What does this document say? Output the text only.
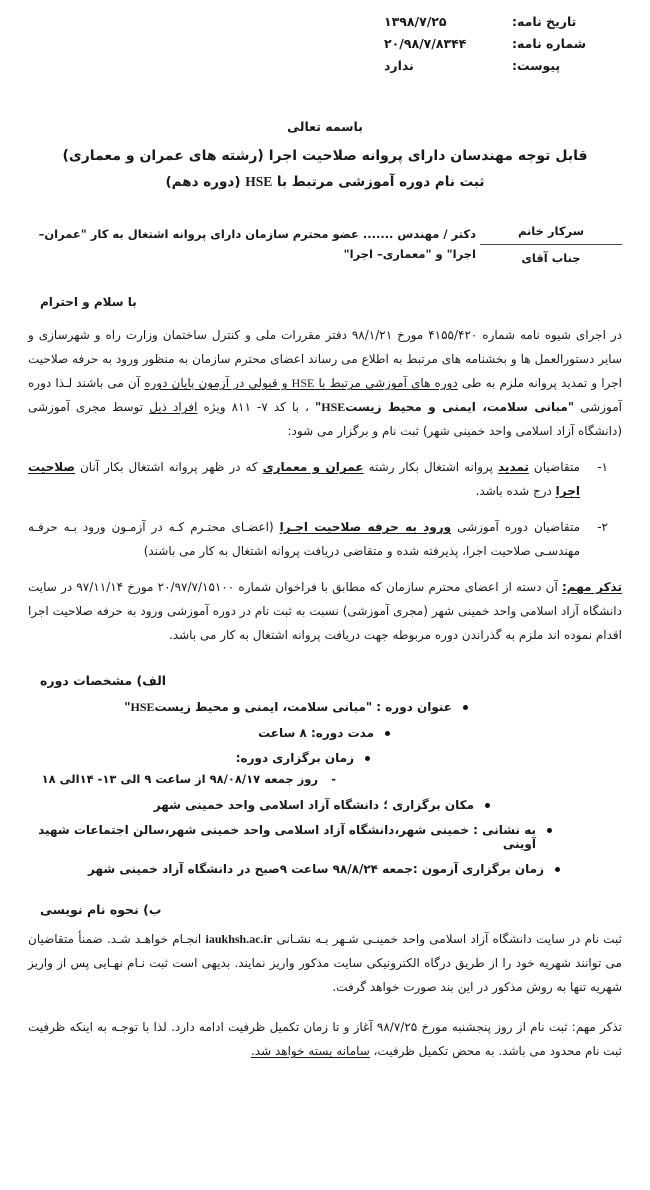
تاریخ نامه:
۱۳۹۸/۷/۲۵
شماره نامه:
۲۰/۹۸/۷/۸۳۴۴
پیوست:
ندارد
باسمه تعالی
قابل توجه مهندسان دارای پروانه صلاحیت اجرا (رشته های عمران و معماری)
ثبت نام دوره آموزشی مرتبط با HSE (دوره دهم)
سرکار خانم
جناب آقای
دکتر / مهندس ....... عضو محترم سازمان دارای پروانه اشتغال به کار "عمران– اجرا" و "معماری– اجرا"
با سلام و احترام
در اجرای شیوه نامه شماره ۴۱۵۵/۴۲۰ مورخ ۹۸/۱/۲۱ دفتر مقررات ملی و کنترل ساختمان وزارت راه و شهرسازی و سایر دستورالعمل ها و بخشنامه های مرتبط به اطلاع می رساند اعضای محترم سازمان به منظور ورود به حرفه صلاحیت اجرا و تمدید پروانه ملزم به طی دوره های آموزشی مرتبط با HSE و قبولی در آزمون پایان دوره آن می باشند لـذا دوره آموزشی "مبانی سلامت، ایمنی و محیط زیستHSE" ، با کد ۷- ۸۱۱ ویژه افراد ذیل توسط مجری آموزشی (دانشگاه آزاد اسلامی واحد خمینی شهر) ثبت نام و برگزار می شود:
۱-
متقاضیان تمدید پروانه اشتغال بکار رشته عمران و معماری که در ظهر پروانه اشتغال بکار آنان صلاحیت اجرا درج شده باشد.
۲-
متقاضیان دوره آموزشی ورود به حرفه صلاحیت اجـرا (اعضـای محتـرم کـه در آزمـون ورود بـه حرفـه مهندسـی صلاحیت اجرا، پذیرفته شده و متقاضی دریافت پروانه اشتغال به کار می باشند)
تذکر مهم: آن دسته از اعضای محترم سازمان که مطابق با فراخوان شماره ۲۰/۹۷/۷/۱۵۱۰۰ مورخ ۹۷/۱۱/۱۴ در سایت دانشگاه آزاد اسلامی واحد خمینی شهر (مجری آموزشی) نسبت به ثبت نام در دوره آموزشی ورود به حرفه صلاحیت اجرا اقدام نموده اند ملزم به گذراندن دوره مربوطه جهت دریافت پروانه اشتغال به کار می باشد.
الف) مشخصات دوره
عنوان دوره : "مبانی سلامت، ایمنی و محیط زیستHSE"
مدت دوره: ۸ ساعت
زمان برگزاری دوره:
-
روز جمعه ۹۸/۰۸/۱۷ از ساعت ۹ الی ۱۳- ۱۴الی ۱۸
مکان برگزاری ؛ دانشگاه آزاد اسلامی واحد خمینی شهر
به نشانی : خمینی شهر،دانشگاه آزاد اسلامی واحد خمینی شهر،سالن اجتماعات شهید آوینی
زمان برگزاری آزمون :جمعه ۹۸/۸/۲۴ ساعت ۹صبح در دانشگاه آزاد خمینی شهر
ب) نحوه نام نویسی
ثبت نام در سایت دانشگاه آزاد اسلامی واحد خمینـی شـهر بـه نشـانی iaukhsh.ac.ir انجـام خواهـد شـد. ضمنأ متقاضیان می توانند شهریه خود را از طریق درگاه الکترونیکی سایت مذکور واریز نمایند. بدیهی است ثبت نـام نهـایی پس از واریز شهریه تنها به روش مذکور در این بند صورت خواهد گرفت.
تذکر مهم: ثبت نام از روز پنجشنبه مورخ ۹۸/۷/۲۵ آغاز و تا زمان تکمیل ظرفیت ادامه دارد. لذا با توجـه به اینکه ظرفیت ثبت نام محدود می باشد. به محض تکمیل ظرفیت، سامانه بسته خواهد شد.
